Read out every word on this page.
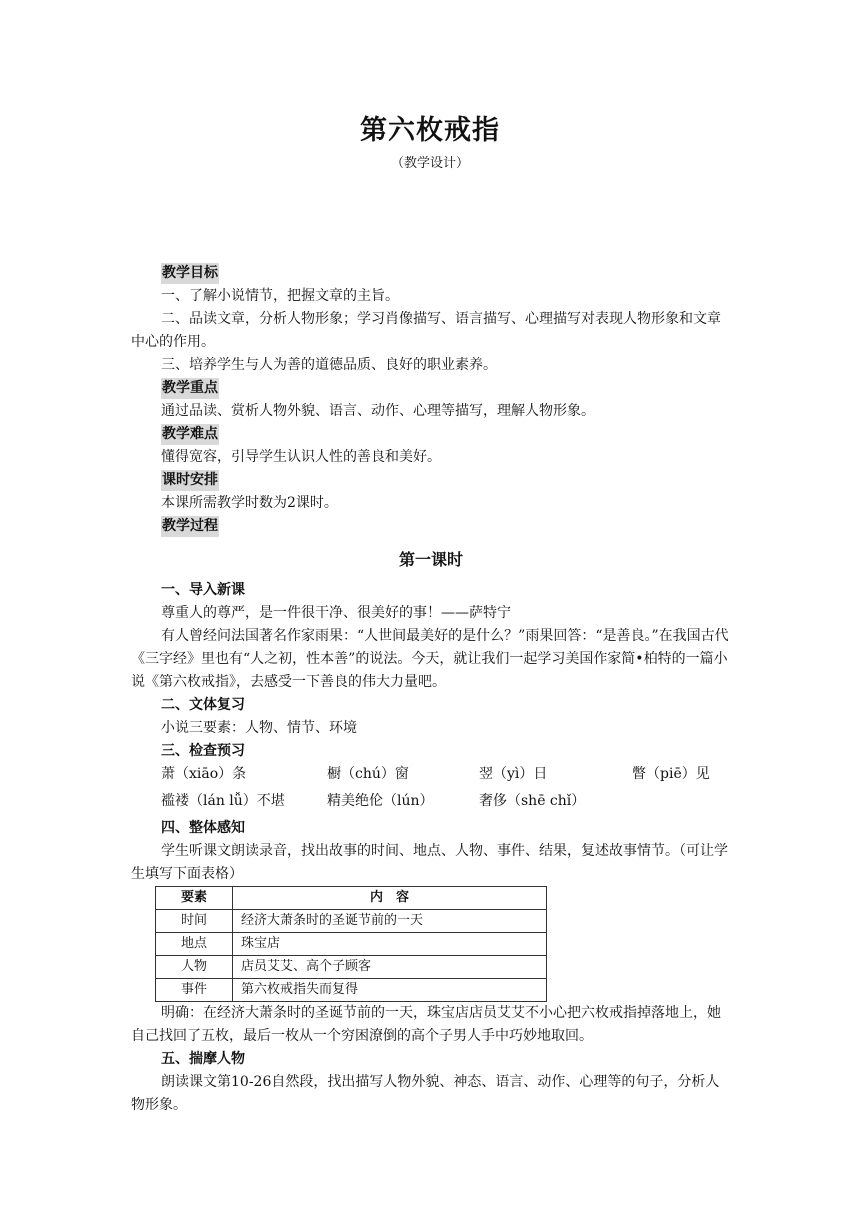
第六枚戒指
（教学设计）
教学目标

一、了解小说情节，把握文章的主旨。

二、品读文章，分析人物形象；学习肖像描写、语言描写、心理描写对表现人物形象和文章中心的作用。

三、培养学生与人为善的道德品质、良好的职业素养。

教学重点

通过品读、赏析人物外貌、语言、动作、心理等描写，理解人物形象。

教学难点

懂得宽容，引导学生认识人性的善良和美好。

课时安排

本课所需教学时数为2课时。

教学过程
第一课时

一、导入新课

尊重人的尊严，是一件很干净、很美好的事！——萨特宁

有人曾经问法国著名作家雨果：“人世间最美好的是什么？”雨果回答：“是善良。”在我国古代《三字经》里也有“人之初，性本善”的说法。今天，就让我们一起学习美国作家简•柏特的一篇小说《第六枚戒指》，去感受一下善良的伟大力量吧。

二、文体复习

小说三要素：人物、情节、环境

三、检查预习

萧（xiāo）条	橱（chú）窗	翌（yì）日	瞥（piē）见
褴褛（lán lǚ）不堪	精美绝伦（lún）	奢侈（shē chǐ）

四、整体感知

学生听课文朗读录音，找出故事的时间、地点、人物、事件、结果，复述故事情节。（可让学生填写下面表格）

要素	内　容
时间	经济大萧条时的圣诞节前的一天
地点	珠宝店
人物	店员艾艾、高个子顾客
事件	第六枚戒指失而复得

明确：在经济大萧条时的圣诞节前的一天，珠宝店店员艾艾不小心把六枚戒指掉落地上，她自己找回了五枚，最后一枚从一个穷困潦倒的高个子男人手中巧妙地取回。

五、揣摩人物

朗读课文第10-26自然段，找出描写人物外貌、神态、语言、动作、心理等的句子，分析人物形象。
